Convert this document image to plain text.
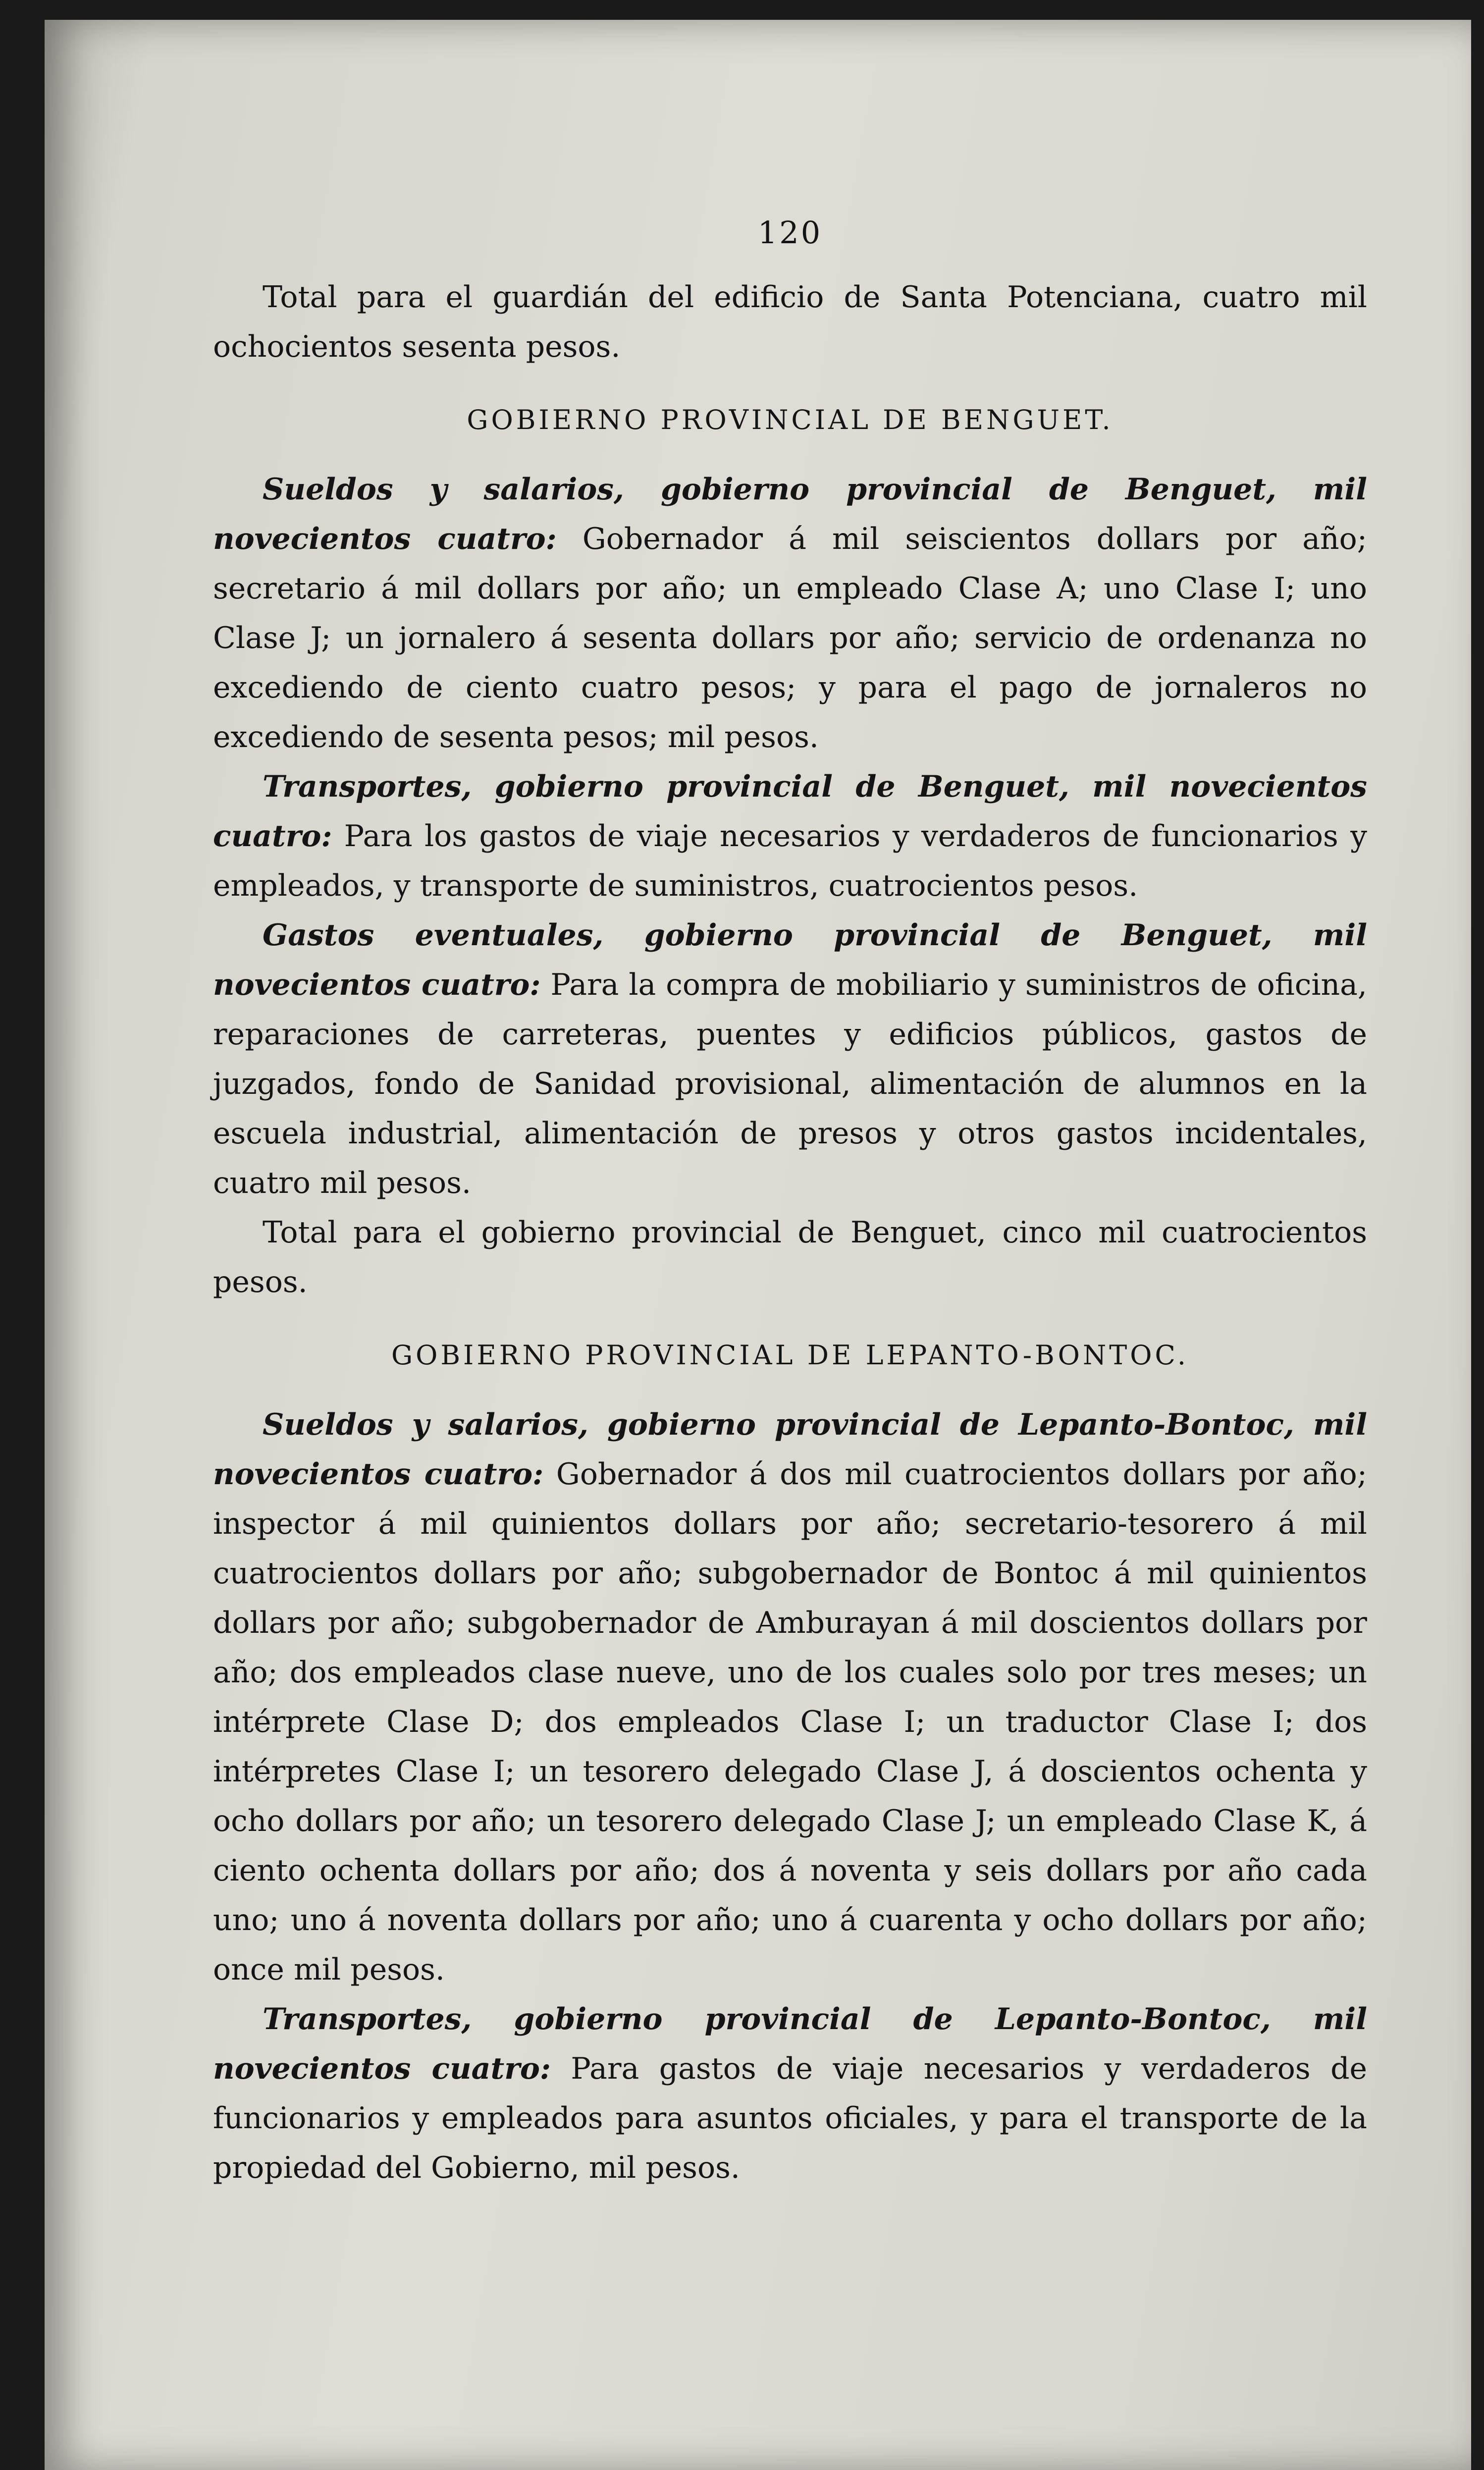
120

Total para el guardián del edificio de Santa Potenciana, cuatro mil ochocientos sesenta pesos.

GOBIERNO PROVINCIAL DE BENGUET.

Sueldos y salarios, gobierno provincial de Benguet, mil novecientos cuatro: Gobernador á mil seiscientos dollars por año; secretario á mil dollars por año; un empleado Clase A; uno Clase I; uno Clase J; un jornalero á sesenta dollars por año; servicio de ordenanza no excediendo de ciento cuatro pesos; y para el pago de jornaleros no excediendo de sesenta pesos; mil pesos.

Transportes, gobierno provincial de Benguet, mil novecientos cuatro: Para los gastos de viaje necesarios y verdaderos de funcionarios y empleados, y transporte de suministros, cuatrocientos pesos.

Gastos eventuales, gobierno provincial de Benguet, mil novecientos cuatro: Para la compra de mobiliario y suministros de oficina, reparaciones de carreteras, puentes y edificios públicos, gastos de juzgados, fondo de Sanidad provisional, alimentación de alumnos en la escuela industrial, alimentación de presos y otros gastos incidentales, cuatro mil pesos.

Total para el gobierno provincial de Benguet, cinco mil cuatrocientos pesos.

GOBIERNO PROVINCIAL DE LEPANTO-BONTOC.

Sueldos y salarios, gobierno provincial de Lepanto-Bontoc, mil novecientos cuatro: Gobernador á dos mil cuatrocientos dollars por año; inspector á mil quinientos dollars por año; secretario-tesorero á mil cuatrocientos dollars por año; subgobernador de Bontoc á mil quinientos dollars por año; subgobernador de Amburayan á mil doscientos dollars por año; dos empleados clase nueve, uno de los cuales solo por tres meses; un intérprete Clase D; dos empleados Clase I; un traductor Clase I; dos intérpretes Clase I; un tesorero delegado Clase J, á doscientos ochenta y ocho dollars por año; un tesorero delegado Clase J; un empleado Clase K, á ciento ochenta dollars por año; dos á noventa y seis dollars por año cada uno; uno á noventa dollars por año; uno á cuarenta y ocho dollars por año; once mil pesos.

Transportes, gobierno provincial de Lepanto-Bontoc, mil novecientos cuatro: Para gastos de viaje necesarios y verdaderos de funcionarios y empleados para asuntos oficiales, y para el transporte de la propiedad del Gobierno, mil pesos.
